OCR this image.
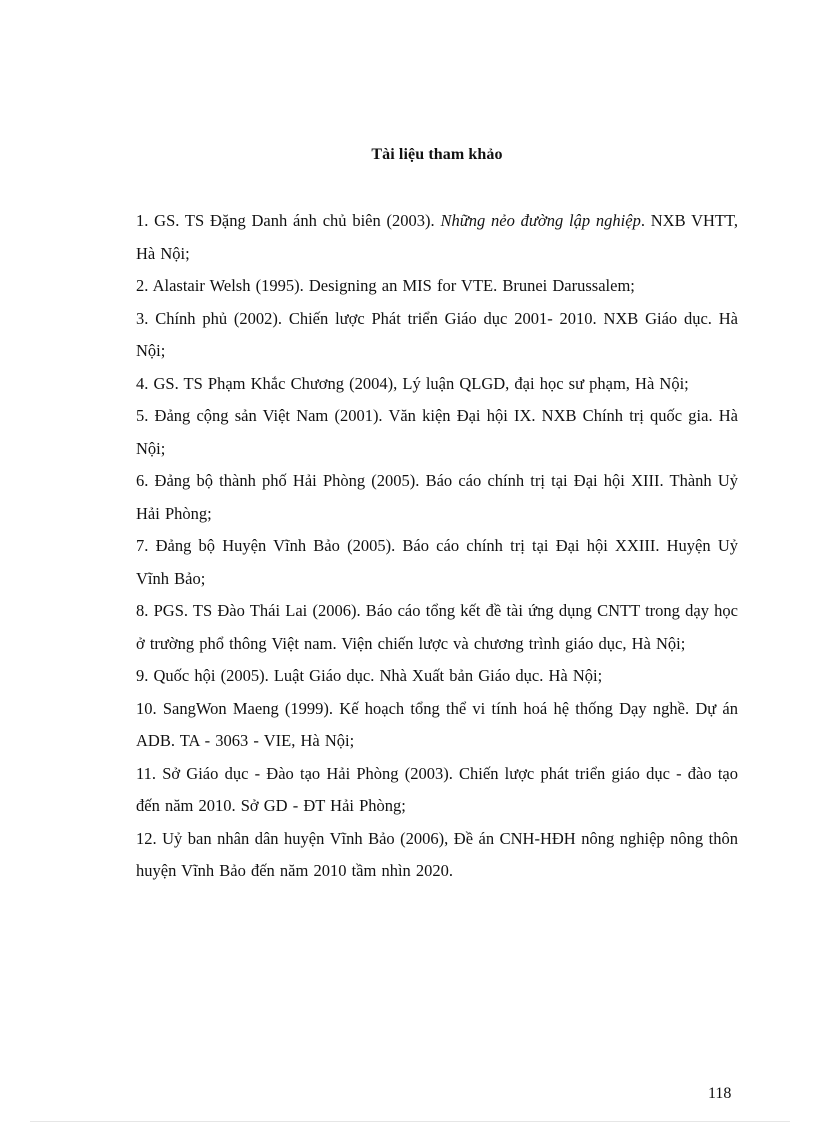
Tài liệu tham khảo
1. GS. TS Đặng Danh ánh chủ biên (2003). Những nẻo đường lập nghiệp. NXB VHTT, Hà Nội;
2. Alastair Welsh (1995). Designing an MIS for VTE. Brunei Darussalem;
3. Chính phủ (2002). Chiến lược Phát triển Giáo dục 2001- 2010. NXB Giáo dục. Hà Nội;
4. GS. TS Phạm Khắc Chương (2004), Lý luận QLGD, đại học sư phạm, Hà Nội;
5. Đảng cộng sản Việt Nam (2001). Văn kiện Đại hội IX. NXB Chính trị quốc gia. Hà Nội;
6. Đảng bộ thành phố Hải Phòng (2005). Báo cáo chính trị tại Đại hội XIII. Thành Uỷ Hải Phòng;
7. Đảng bộ Huyện Vĩnh Bảo (2005). Báo cáo chính trị tại Đại hội XXIII. Huyện Uỷ Vĩnh Bảo;
8. PGS. TS Đào Thái Lai (2006). Báo cáo tổng kết đề tài ứng dụng CNTT trong dạy học ở trường phổ thông Việt nam. Viện chiến lược và chương trình giáo dục, Hà Nội;
9. Quốc hội (2005). Luật Giáo dục. Nhà Xuất bản Giáo dục. Hà Nội;
10. SangWon Maeng (1999). Kế hoạch tổng thể vi tính hoá hệ thống Dạy nghề. Dự án ADB. TA - 3063 - VIE, Hà Nội;
11. Sở Giáo dục - Đào tạo Hải Phòng (2003). Chiến lược phát triển giáo dục - đào tạo đến năm 2010. Sở GD - ĐT Hải Phòng;
12. Uỷ ban nhân dân huyện Vĩnh Bảo (2006), Đề án CNH-HĐH nông nghiệp nông thôn huyện Vĩnh Bảo đến năm 2010 tầm nhìn 2020.
118
